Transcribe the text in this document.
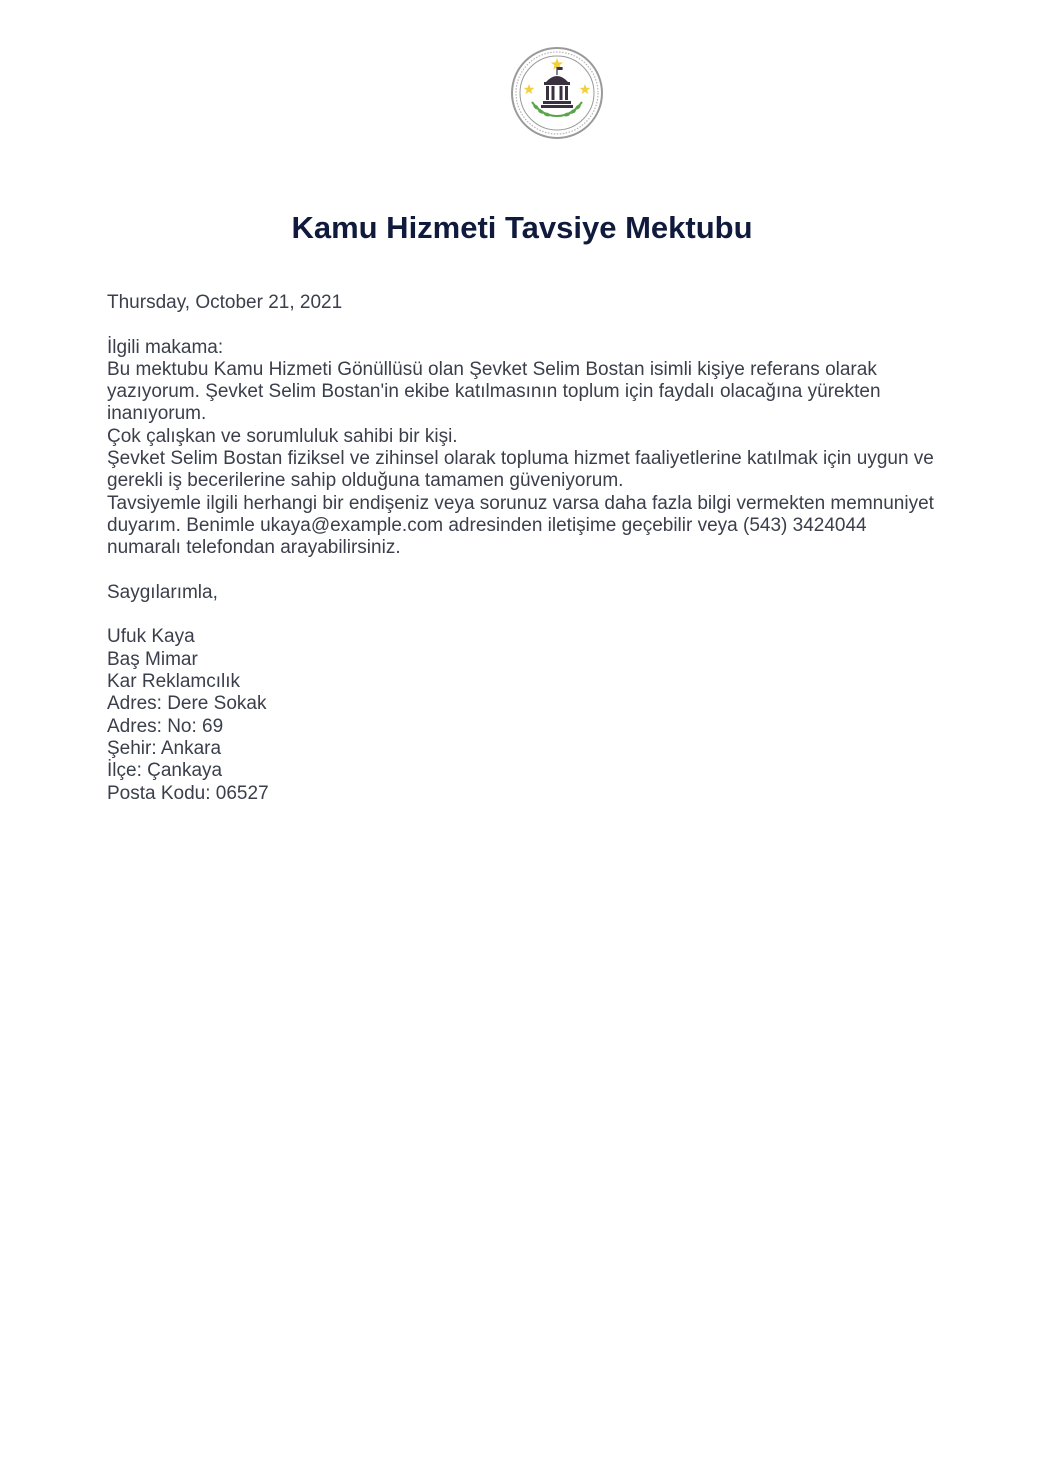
Kamu Hizmeti Tavsiye Mektubu

Thursday, October 21, 2021

İlgili makama:

Bu mektubu Kamu Hizmeti Gönüllüsü olan Şevket Selim Bostan isimli kişiye referans olarak yazıyorum. Şevket Selim Bostan'in ekibe katılmasının toplum için faydalı olacağına yürekten inanıyorum.

Çok çalışkan ve sorumluluk sahibi bir kişi.

Şevket Selim Bostan fiziksel ve zihinsel olarak topluma hizmet faaliyetlerine katılmak için uygun ve gerekli iş becerilerine sahip olduğuna tamamen güveniyorum.

Tavsiyemle ilgili herhangi bir endişeniz veya sorunuz varsa daha fazla bilgi vermekten memnuniyet duyarım. Benimle ukaya@example.com adresinden iletişime geçebilir veya (543) 3424044 numaralı telefondan arayabilirsiniz.

Saygılarımla,

Ufuk Kaya

Baş Mimar

Kar Reklamcılık

Adres: Dere Sokak

Adres: No: 69

Şehir: Ankara

İlçe: Çankaya

Posta Kodu: 06527
